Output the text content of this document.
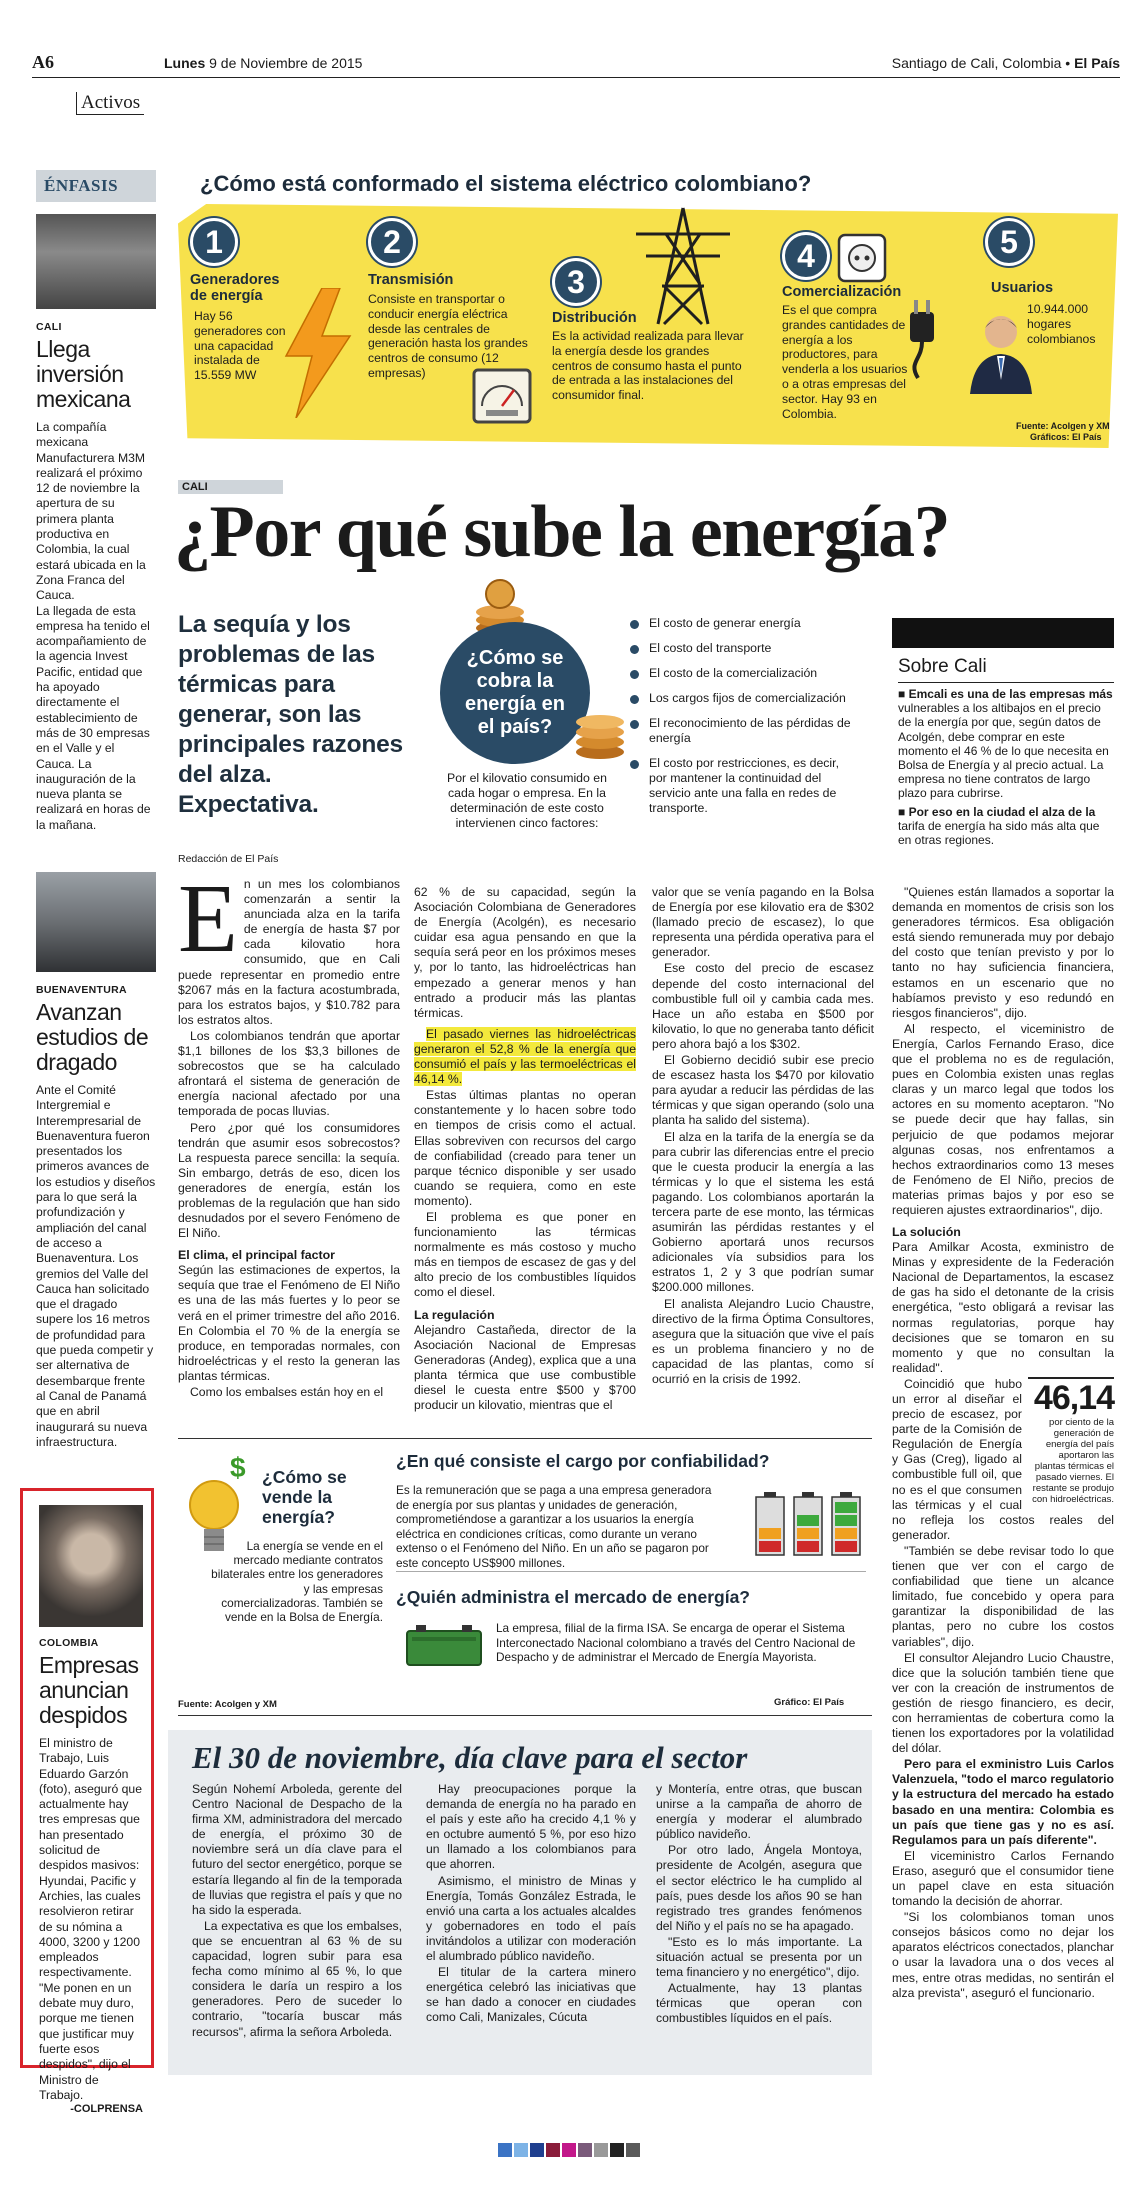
A6	Lunes 9 de Noviembre de 2015	Santiago de Cali, Colombia • El País
Activos
ÉNFASIS
CALI
Llega inversión mexicana

La compañía mexicana Manufacturera M3M realizará el próximo 12 de noviembre la apertura de su primera planta productiva en Colombia, la cual estará ubicada en la Zona Franca del Cauca.

La llegada de esta empresa ha tenido el acompañamiento de la agencia Invest Pacific, entidad que ha apoyado directamente el establecimiento de más de 30 empresas en el Valle y el Cauca. La inauguración de la nueva planta se realizará en horas de la mañana.

BUENAVENTURA
Avanzan estudios de dragado

Ante el Comité Intergremial e Interempresarial de Buenaventura fueron presentados los primeros avances de los estudios y diseños para lo que será la profundización y ampliación del canal de acceso a Buenaventura. Los gremios del Valle del Cauca han solicitado que el dragado supere los 16 metros de profundidad para que pueda competir y ser alternativa de desembarque frente al Canal de Panamá que en abril inaugurará su nueva infraestructura.

COLOMBIA
Empresas anuncian despidos

El ministro de Trabajo, Luis Eduardo Garzón (foto), aseguró que actualmente hay tres empresas que han presentado solicitud de despidos masivos: Hyundai, Pacific y Archies, las cuales resolvieron retirar de su nómina a 4000, 3200 y 1200 empleados respectivamente.

"Me ponen en un debate muy duro, porque me tienen que justificar muy fuerte esos despidos", dijo el Ministro de Trabajo.

-COLPRENSA
¿Cómo está conformado el sistema eléctrico colombiano?
1
Generadores de energía
Hay 56 generadores con una capacidad instalada de 15.559 MW
2
Transmisión
Consiste en transportar o conducir energía eléctrica desde las centrales de generación hasta los grandes centros de consumo (12 empresas)
3
Distribución
Es la actividad realizada para llevar la energía desde los grandes centros de consumo hasta el punto de entrada a las instalaciones del consumidor final.
4
Comercialización
Es el que compra grandes cantidades de energía a los productores, para venderla a los usuarios o a otras empresas del sector. Hay 93 en Colombia.
5
Usuarios
10.944.000 hogares colombianos
Fuente: Acolgen y XM
Gráficos: El País
CALI
¿Por qué sube la energía?
La sequía y los problemas de las térmicas para generar, son las principales razones del alza. Expectativa.
Redacción de El País
¿Cómo se cobra la energía en el país?
Por el kilovatio consumido en cada hogar o empresa. En la determinación de este costo intervienen cinco factores:
El costo de generar energía
El costo del transporte
El costo de la comercialización
Los cargos fijos de comercialización
El reconocimiento de las pérdidas de energía
El costo por restricciones, es decir, por mantener la continuidad del servicio ante una falla en redes de transporte.
Sobre Cali
■ Emcali es una de las empresas más vulnerables a los altibajos en el precio de la energía por que, según datos de Acolgén, debe comprar en este momento el 46 % de lo que necesita en Bolsa de Energía y al precio actual. La empresa no tiene contratos de largo plazo para cubrirse.
■ Por eso en la ciudad el alza de la tarifa de energía ha sido más alta que en otras regiones.
E n un mes los colombianos comenzarán a sentir la anunciada alza en la tarifa de energía de hasta $7 por cada kilovatio hora consumido, que en Cali puede representar en promedio entre $2067 más en la factura acostumbrada, para los estratos bajos, y $10.782 para los estratos altos.

Los colombianos tendrán que aportar $1,1 billones de los $3,3 billones de sobrecostos que se ha calculado afrontará el sistema de generación de energía nacional afectado por una temporada de pocas lluvias.

Pero ¿por qué los consumidores tendrán que asumir esos sobrecostos? La respuesta parece sencilla: la sequía. Sin embargo, detrás de eso, dicen los generadores de energía, están los problemas de la regulación que han sido desnudados por el severo Fenómeno de El Niño.

El clima, el principal factor

Según las estimaciones de expertos, la sequía que trae el Fenómeno de El Niño es una de las más fuertes y lo peor se verá en el primer trimestre del año 2016. En Colombia el 70 % de la energía se produce, en temporadas normales, con hidroeléctricas y el resto la generan las plantas térmicas.

Como los embalses están hoy en el

62 % de su capacidad, según la Asociación Colombiana de Generadores de Energía (Acolgén), es necesario cuidar esa agua pensando en que la sequía será peor en los próximos meses y, por lo tanto, las hidroeléctricas han empezado a generar menos y han entrado a producir más las plantas térmicas.

El pasado viernes las hidroeléctricas generaron el 52,8 % de la energía que consumió el país y las termoeléctricas el 46,14 %.

Estas últimas plantas no operan constantemente y lo hacen sobre todo en tiempos de crisis como el actual. Ellas sobreviven con recursos del cargo de confiabilidad (creado para tener un parque técnico disponible y ser usado cuando se requiera, como en este momento).

El problema es que poner en funcionamiento las térmicas normalmente es más costoso y mucho más en tiempos de escasez de gas y del alto precio de los combustibles líquidos como el diesel.

La regulación

Alejandro Castañeda, director de la Asociación Nacional de Empresas Generadoras (Andeg), explica que a una planta térmica que use combustible diesel le cuesta entre $500 y $700 producir un kilovatio, mientras que el

valor que se venía pagando en la Bolsa de Energía por ese kilovatio era de $302 (llamado precio de escasez), lo que representa una pérdida operativa para el generador.

Ese costo del precio de escasez depende del costo internacional del combustible full oil y cambia cada mes. Hace un año estaba en $500 por kilovatio, lo que no generaba tanto déficit pero ahora bajó a los $302.

El Gobierno decidió subir ese precio de escasez hasta los $470 por kilovatio para ayudar a reducir las pérdidas de las térmicas y que sigan operando (solo una planta ha salido del sistema).

El alza en la tarifa de la energía se da para cubrir las diferencias entre el precio que le cuesta producir la energía a las térmicas y lo que el sistema les está pagando. Los colombianos aportarán la tercera parte de ese monto, las térmicas asumirán las pérdidas restantes y el Gobierno aportará unos recursos adicionales vía subsidios para los estratos 1, 2 y 3 que podrían sumar $200.000 millones.

El analista Alejandro Lucio Chaustre, directivo de la firma Óptima Consultores, asegura que la situación que vive el país es un problema financiero y no de capacidad de las plantas, como sí ocurrió en la crisis de 1992.

"Quienes están llamados a soportar la demanda en momentos de crisis son los generadores térmicos. Esa obligación está siendo remunerada muy por debajo del costo que tenían previsto y por lo tanto no hay suficiencia financiera, estamos en un escenario que no habíamos previsto y eso redundó en riesgos financieros", dijo.

Al respecto, el viceministro de Energía, Carlos Fernando Eraso, dice que el problema no es de regulación, pues en Colombia existen unas reglas claras y un marco legal que todos los actores en su momento aceptaron. "No se puede decir que hay fallas, sin perjuicio de que podamos mejorar algunas cosas, nos enfrentamos a hechos extraordinarios como 13 meses de Fenómeno de El Niño, precios de materias primas bajos y por eso se requieren ajustes extraordinarios", dijo.

La solución

Para Amilkar Acosta, exministro de Minas y expresidente de la Federación Nacional de Departamentos, la escasez de gas ha sido el detonante de la crisis energética, "esto obligará a revisar las normas regulatorias, porque hay decisiones que se tomaron en su momento y que no consultan la realidad".

46,14
por ciento de la generación de energía del país aportaron las plantas térmicas el pasado viernes. El restante se produjo con hidroeléctricas.

Coincidió que hubo un error al diseñar el precio de escasez, por parte de la Comisión de Regulación de Energía y Gas (Creg), ligado al combustible full oil, que no es el que consumen las térmicas y el cual no refleja los costos reales del generador.

"También se debe revisar todo lo que tienen que ver con el cargo de confiabilidad que tiene un alcance limitado, fue concebido y opera para garantizar la disponibilidad de las plantas, pero no cubre los costos variables", dijo.

El consultor Alejandro Lucio Chaustre, dice que la solución también tiene que ver con la creación de instrumentos de gestión de riesgo financiero, es decir, con herramientas de cobertura como la tienen los exportadores por la volatilidad del dólar.

Pero para el exministro Luis Carlos Valenzuela, "todo el marco regulatorio y la estructura del mercado ha estado basado en una mentira: Colombia es un país que tiene gas y no es así. Regulamos para un país diferente".

El viceministro Carlos Fernando Eraso, aseguró que el consumidor tiene un papel clave en esta situación tomando la decisión de ahorrar.

"Si los colombianos toman unos consejos básicos como no dejar los aparatos eléctricos conectados, planchar o usar la lavadora una o dos veces al mes, entre otras medidas, no sentirán el alza prevista", aseguró el funcionario.

$ ¿Cómo se vende la energía?
La energía se vende en el mercado mediante contratos bilaterales entre los generadores y las empresas comercializadoras. También se vende en la Bolsa de Energía.
¿En qué consiste el cargo por confiabilidad?
Es la remuneración que se paga a una empresa generadora de energía por sus plantas y unidades de generación, comprometiéndose a garantizar a los usuarios la energía eléctrica en condiciones críticas, como durante un verano extenso o el Fenómeno del Niño. En un año se pagaron por este concepto US$900 millones.
¿Quién administra el mercado de energía?
La empresa, filial de la firma ISA. Se encarga de operar el Sistema Interconectado Nacional colombiano a través del Centro Nacional de Despacho y de administrar el Mercado de Energía Mayorista.
Fuente: Acolgen y XM	Gráfico: El País
El 30 de noviembre, día clave para el sector

Según Nohemí Arboleda, gerente del Centro Nacional de Despacho de la firma XM, administradora del mercado de energía, el próximo 30 de noviembre será un día clave para el futuro del sector energético, porque se estaría llegando al fin de la temporada de lluvias que registra el país y que no ha sido la esperada.

La expectativa es que los embalses, que se encuentran al 63 % de su capacidad, logren subir para esa fecha como mínimo al 65 %, lo que considera le daría un respiro a los generadores. Pero de suceder lo contrario, "tocaría buscar más recursos", afirma la señora Arboleda.

Hay preocupaciones porque la demanda de energía no ha parado en el país y este año ha crecido 4,1 % y en octubre aumentó 5 %, por eso hizo un llamado a los colombianos para que ahorren.

Asimismo, el ministro de Minas y Energía, Tomás González Estrada, le envió una carta a los actuales alcaldes y gobernadores en todo el país invitándolos a utilizar con moderación el alumbrado público navideño.

El titular de la cartera minero energética celebró las iniciativas que se han dado a conocer en ciudades como Cali, Manizales, Cúcuta

y Montería, entre otras, que buscan unirse a la campaña de ahorro de energía y moderar el alumbrado público navideño.

Por otro lado, Ángela Montoya, presidente de Acolgén, asegura que el sector eléctrico le ha cumplido al país, pues desde los años 90 se han registrado tres grandes fenómenos del Niño y el país no se ha apagado.

"Esto es lo más importante. La situación actual se presenta por un tema financiero y no energético", dijo.

Actualmente, hay 13 plantas térmicas que operan con combustibles líquidos en el país.
